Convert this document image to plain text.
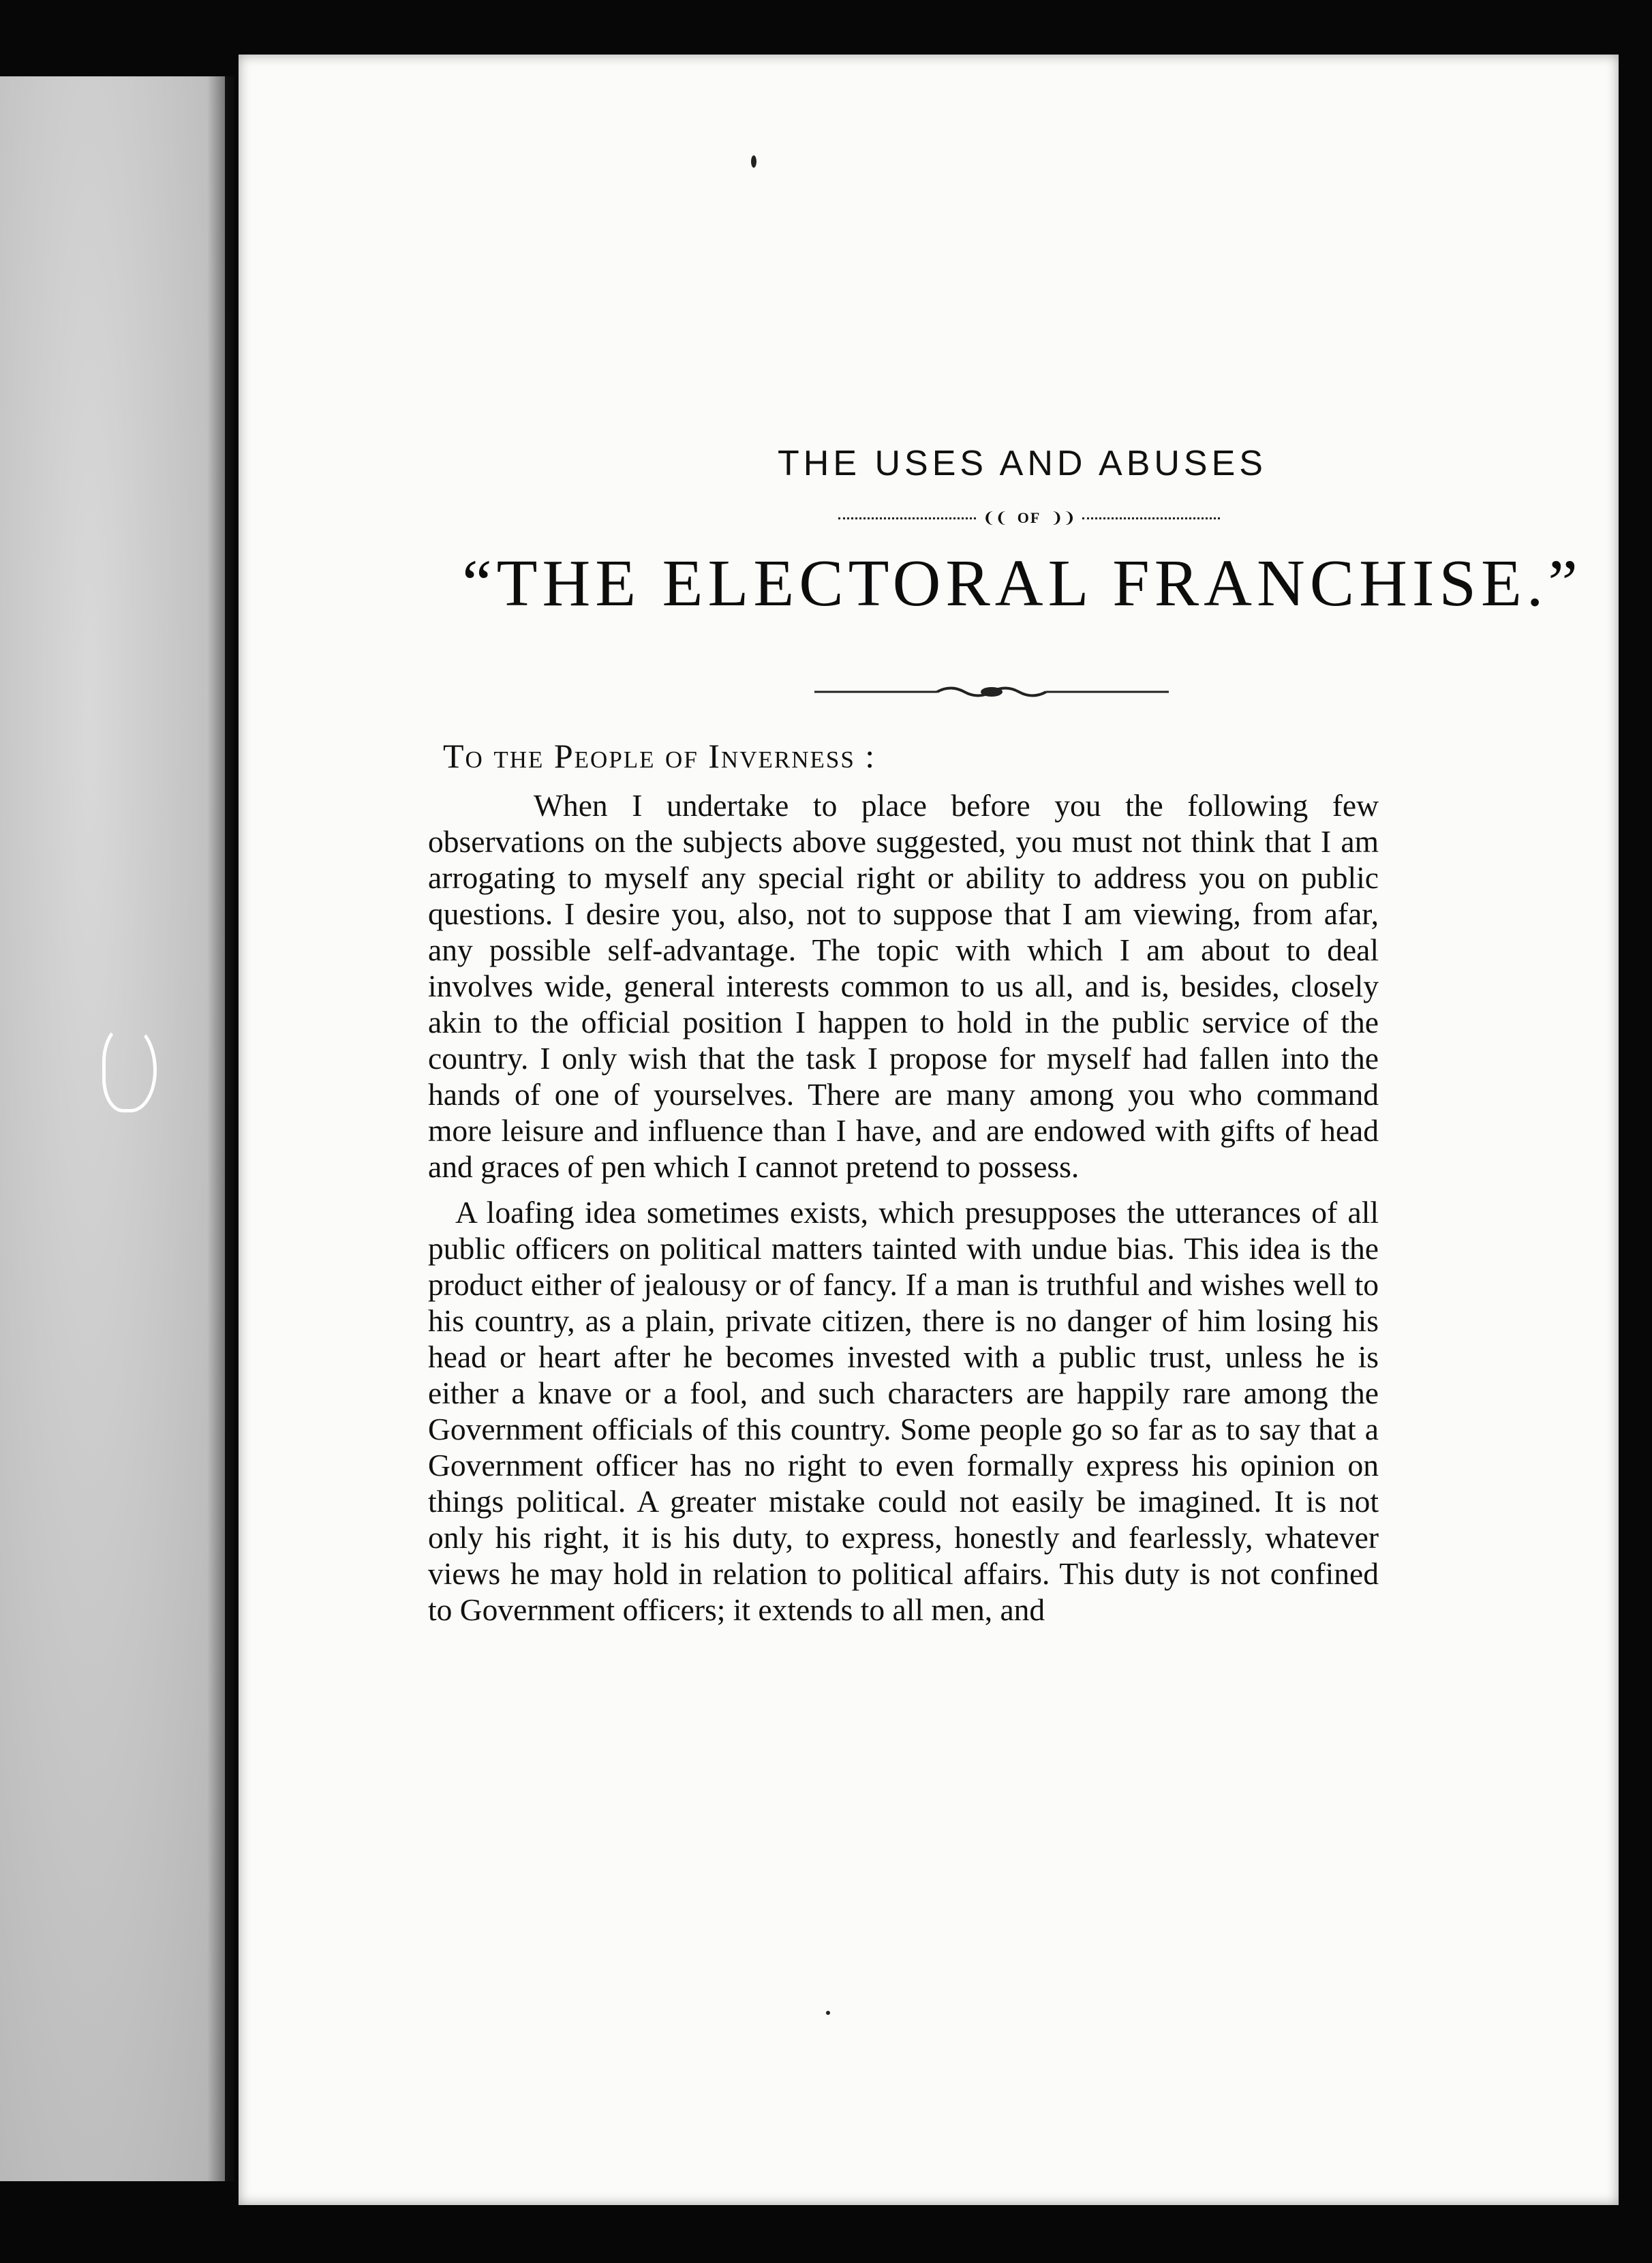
THE USES AND ABUSES
❨❨ OF ❩❩
“THE ELECTORAL FRANCHISE.”
To the People of Inverness :

When I undertake to place before you the following few observations on the subjects above suggested, you must not think that I am arrogating to myself any special right or ability to address you on public questions. I desire you, also, not to suppose that I am viewing, from afar, any possible self-advantage. The topic with which I am about to deal involves wide, general interests common to us all, and is, besides, closely akin to the official position I happen to hold in the public service of the country. I only wish that the task I propose for myself had fallen into the hands of one of yourselves. There are many among you who command more leisure and influence than I have, and are endowed with gifts of head and graces of pen which I cannot pretend to possess.

A loafing idea sometimes exists, which presupposes the utterances of all public officers on political matters tainted with undue bias. This idea is the product either of jealousy or of fancy. If a man is truthful and wishes well to his country, as a plain, private citizen, there is no danger of him losing his head or heart after he becomes invested with a public trust, unless he is either a knave or a fool, and such characters are happily rare among the Government officials of this country. Some people go so far as to say that a Government officer has no right to even formally express his opinion on things political. A greater mistake could not easily be imagined. It is not only his right, it is his duty, to express, honestly and fearlessly, whatever views he may hold in relation to political affairs. This duty is not confined to Government officers; it extends to all men, and
